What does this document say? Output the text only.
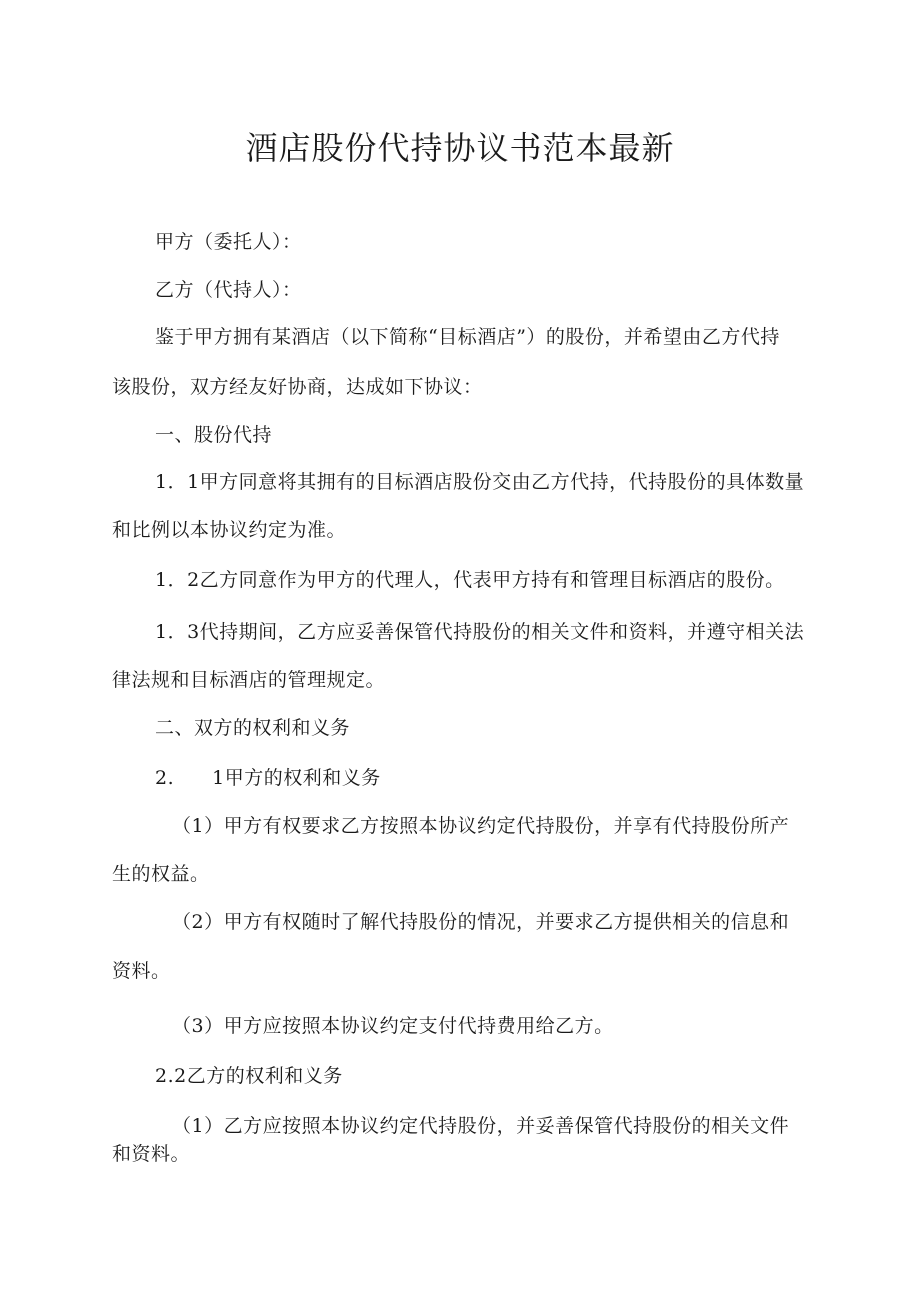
酒店股份代持协议书范本最新
甲方（委托人）：
乙方（代持人）：
鉴于甲方拥有某酒店（以下简称“目标酒店”）的股份，并希望由乙方代持
该股份，双方经友好协商，达成如下协议：
一、股份代持
1．1甲方同意将其拥有的目标酒店股份交由乙方代持，代持股份的具体数量
和比例以本协议约定为准。
1．2乙方同意作为甲方的代理人，代表甲方持有和管理目标酒店的股份。
1．3代持期间，乙方应妥善保管代持股份的相关文件和资料，并遵守相关法
律法规和目标酒店的管理规定。
二、双方的权利和义务
2. 1甲方的权利和义务
（1）甲方有权要求乙方按照本协议约定代持股份，并享有代持股份所产
生的权益。
（2）甲方有权随时了解代持股份的情况，并要求乙方提供相关的信息和
资料。
（3）甲方应按照本协议约定支付代持费用给乙方。
2.2乙方的权利和义务
（1）乙方应按照本协议约定代持股份，并妥善保管代持股份的相关文件
和资料。
